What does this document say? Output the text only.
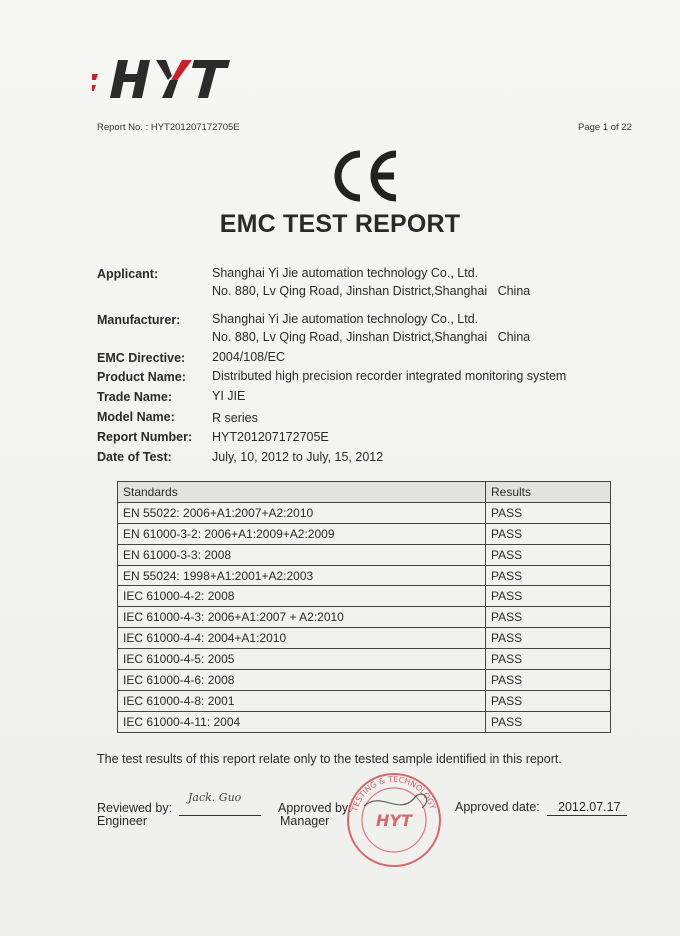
Report No. : HYT201207172705E	Page 1 of 22
EMC TEST REPORT
Applicant:	Shanghai Yi Jie automation technology Co., Ltd.
No. 880, Lv Qing Road, Jinshan District,Shanghai   China
Manufacturer:	Shanghai Yi Jie automation technology Co., Ltd.
No. 880, Lv Qing Road, Jinshan District,Shanghai   China
EMC Directive: 2004/108/EC
Product Name: Distributed high precision recorder integrated monitoring system
Trade Name:	YI JIE
Model Name:	R series
Report Number: HYT201207172705E
Date of Test:	July, 10, 2012 to July, 15, 2012
Standards	Results
EN 55022: 2006+A1:2007+A2:2010	PASS
EN 61000-3-2: 2006+A1:2009+A2:2009	PASS
EN 61000-3-3: 2008	PASS
EN 55024: 1998+A1:2001+A2:2003	PASS
IEC 61000-4-2: 2008	PASS
IEC 61000-4-3: 2006+A1:2007 + A2:2010	PASS
IEC 61000-4-4: 2004+A1:2010	PASS
IEC 61000-4-5: 2005	PASS
IEC 61000-4-6: 2008	PASS
IEC 61000-4-8: 2001	PASS
IEC 61000-4-11: 2004	PASS
The test results of this report relate only to the tested sample identified in this report.
Reviewed by:
Engineer
Jack. Guo
Approved by:
Manager
TESTING & TECHNOLOGY
HYT
Approved date: 2012.07.17
